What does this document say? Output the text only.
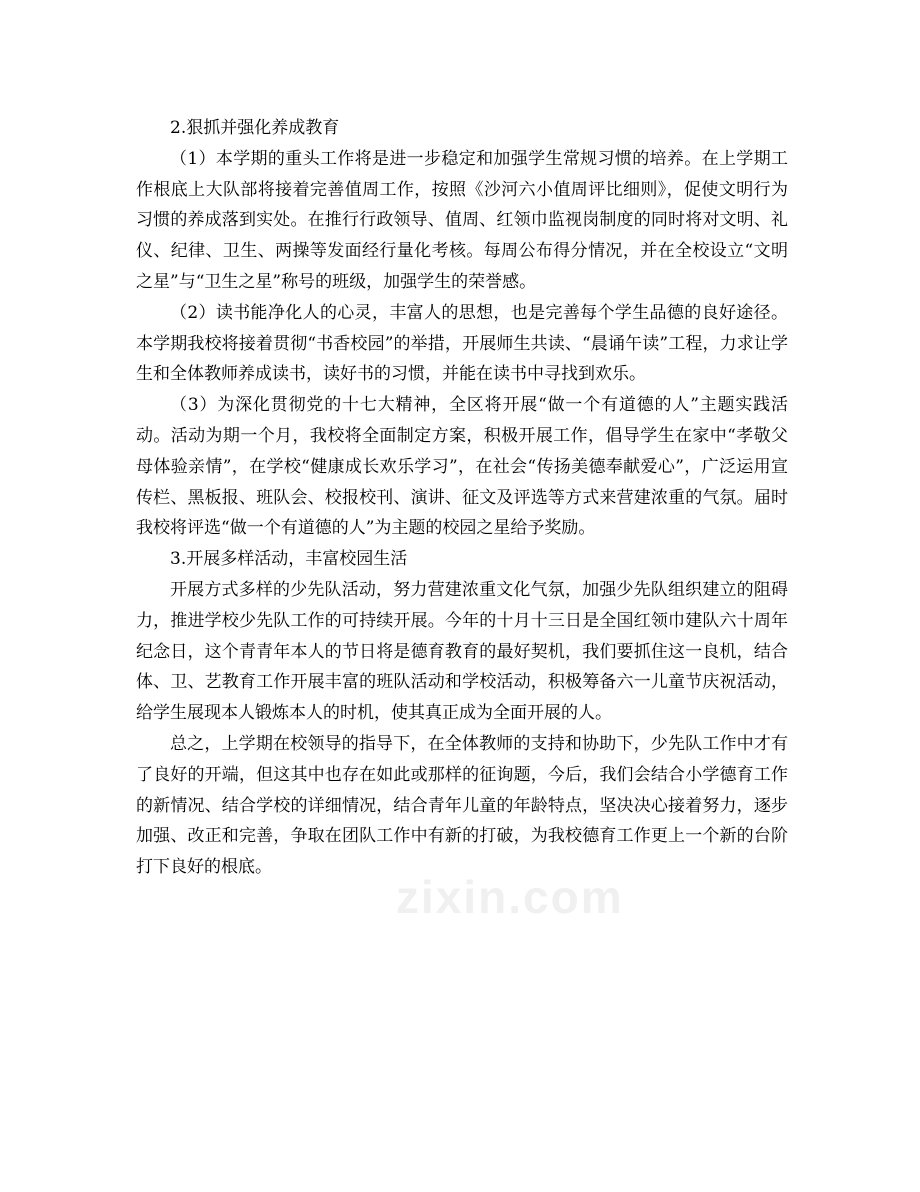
2.狠抓并强化养成教育

（1）本学期的重头工作将是进一步稳定和加强学生常规习惯的培养。在上学期工作根底上大队部将接着完善值周工作，按照《沙河六小值周评比细则》，促使文明行为习惯的养成落到实处。在推行行政领导、值周、红领巾监视岗制度的同时将对文明、礼仪、纪律、卫生、两操等发面经行量化考核。每周公布得分情况，并在全校设立“文明之星”与“卫生之星”称号的班级，加强学生的荣誉感。

（2）读书能净化人的心灵，丰富人的思想，也是完善每个学生品德的良好途径。本学期我校将接着贯彻“书香校园”的举措，开展师生共读、“晨诵午读”工程，力求让学生和全体教师养成读书，读好书的习惯，并能在读书中寻找到欢乐。

（3）为深化贯彻党的十七大精神，全区将开展“做一个有道德的人”主题实践活动。活动为期一个月，我校将全面制定方案，积极开展工作，倡导学生在家中“孝敬父母体验亲情”，在学校“健康成长欢乐学习”，在社会“传扬美德奉献爱心”，广泛运用宣传栏、黑板报、班队会、校报校刊、演讲、征文及评选等方式来营建浓重的气氛。届时我校将评选“做一个有道德的人”为主题的校园之星给予奖励。

3.开展多样活动，丰富校园生活

开展方式多样的少先队活动，努力营建浓重文化气氛，加强少先队组织建立的阻碍力，推进学校少先队工作的可持续开展。今年的十月十三日是全国红领巾建队六十周年纪念日，这个青青年本人的节日将是德育教育的最好契机，我们要抓住这一良机，结合体、卫、艺教育工作开展丰富的班队活动和学校活动，积极筹备六一儿童节庆祝活动，给学生展现本人锻炼本人的时机，使其真正成为全面开展的人。

总之，上学期在校领导的指导下，在全体教师的支持和协助下，少先队工作中才有了良好的开端，但这其中也存在如此或那样的征询题，今后，我们会结合小学德育工作的新情况、结合学校的详细情况，结合青年儿童的年龄特点，坚决决心接着努力，逐步加强、改正和完善，争取在团队工作中有新的打破，为我校德育工作更上一个新的台阶打下良好的根底。

zixin.com
